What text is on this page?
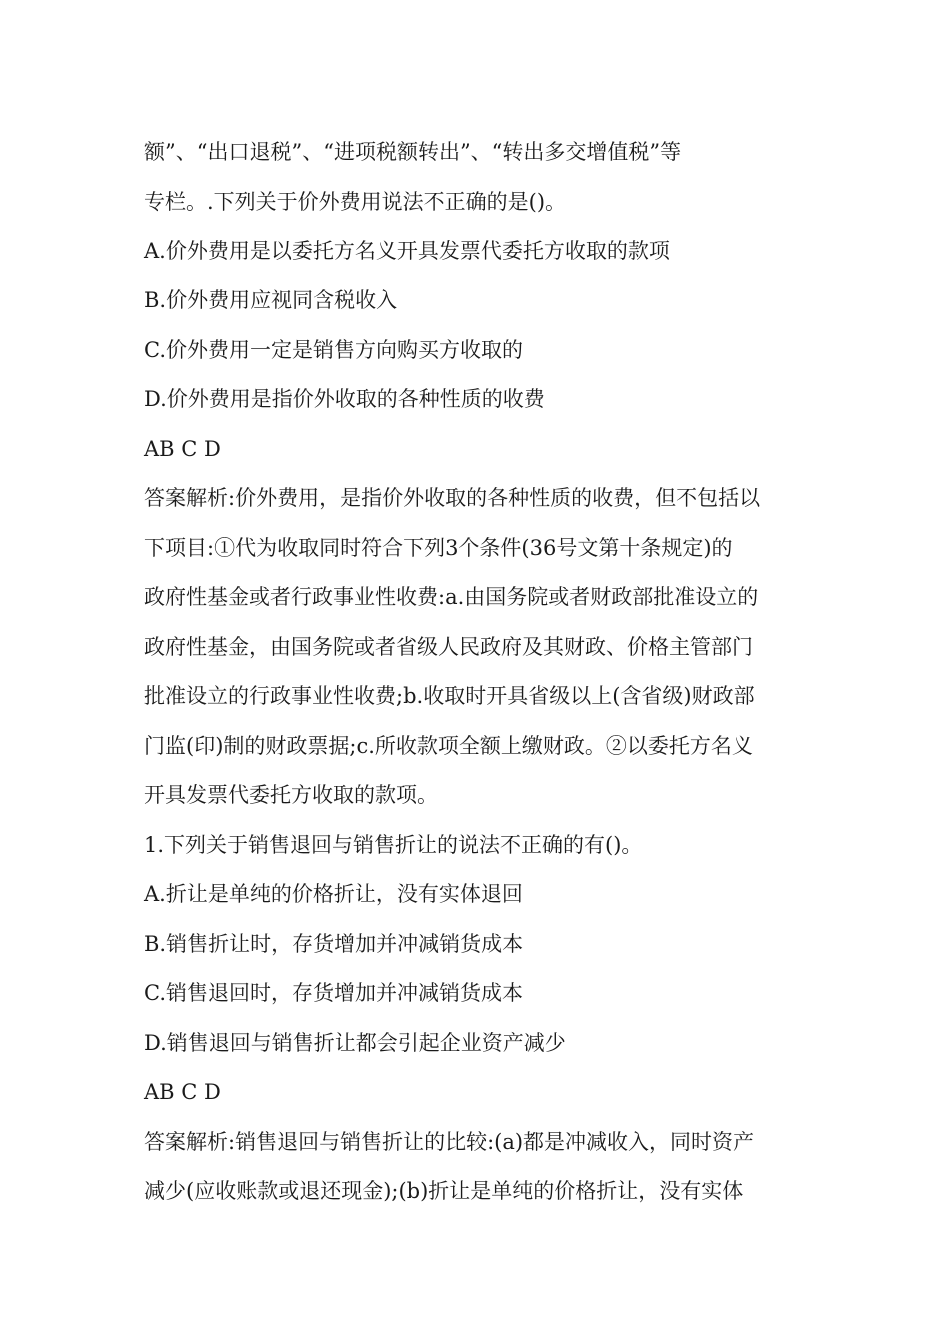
额”、“出口退税”、“进项税额转出”、“转出多交增值税”等
专栏。.下列关于价外费用说法不正确的是()。
A.价外费用是以委托方名义开具发票代委托方收取的款项
B.价外费用应视同含税收入
C.价外费用一定是销售方向购买方收取的
D.价外费用是指价外收取的各种性质的收费
AB C D
答案解析:价外费用，是指价外收取的各种性质的收费，但不包括以
下项目:①代为收取同时符合下列3个条件(36号文第十条规定)的
政府性基金或者行政事业性收费:a.由国务院或者财政部批准设立的
政府性基金，由国务院或者省级人民政府及其财政、价格主管部门
批准设立的行政事业性收费;b.收取时开具省级以上(含省级)财政部
门监(印)制的财政票据;c.所收款项全额上缴财政。②以委托方名义
开具发票代委托方收取的款项。
1.下列关于销售退回与销售折让的说法不正确的有()。
A.折让是单纯的价格折让，没有实体退回
B.销售折让时，存货增加并冲减销货成本
C.销售退回时，存货增加并冲减销货成本
D.销售退回与销售折让都会引起企业资产减少
AB C D
答案解析:销售退回与销售折让的比较:(a)都是冲减收入，同时资产
减少(应收账款或退还现金);(b)折让是单纯的价格折让，没有实体
